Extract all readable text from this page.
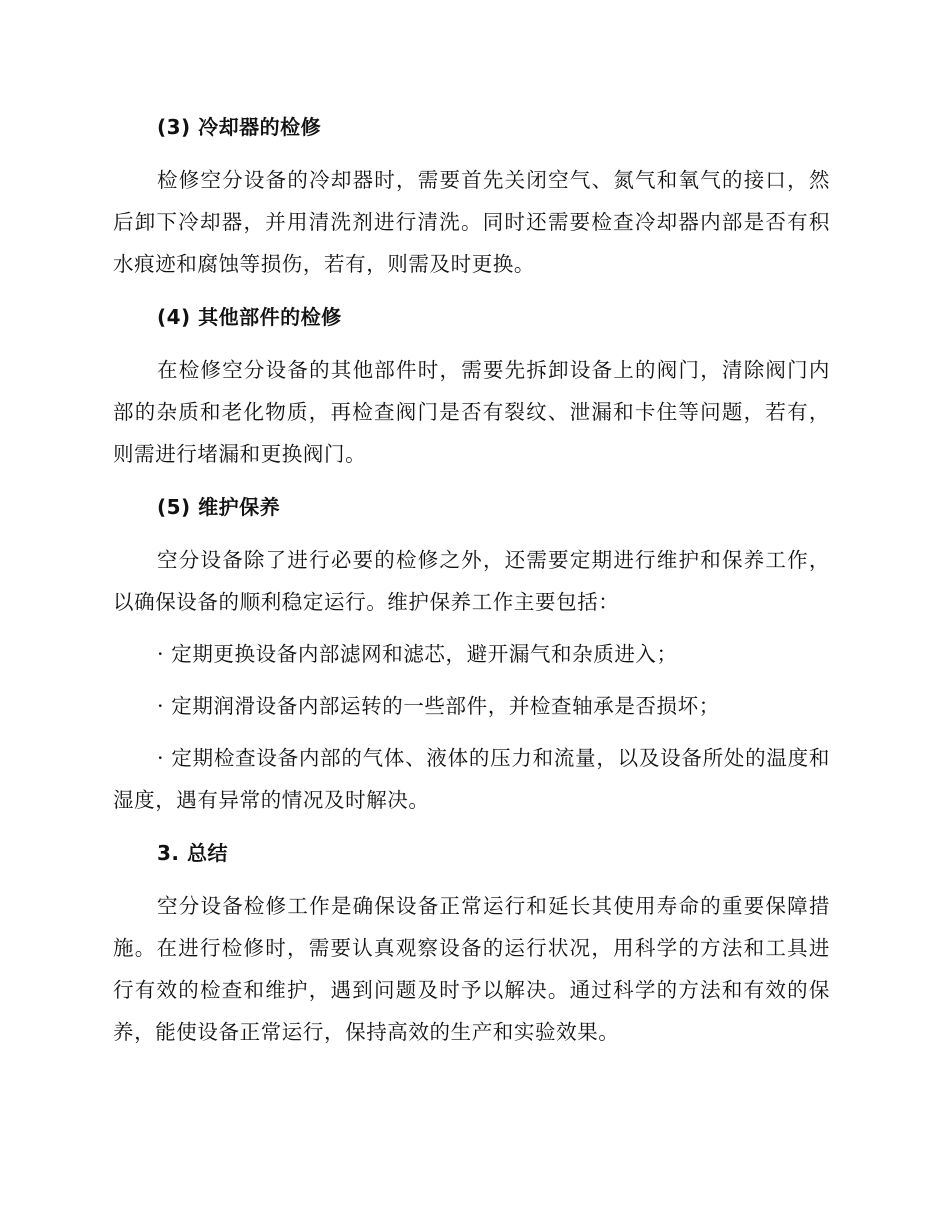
(3) 冷却器的检修

检修空分设备的冷却器时，需要首先关闭空气、氮气和氧气的接口，然后卸下冷却器，并用清洗剂进行清洗。同时还需要检查冷却器内部是否有积水痕迹和腐蚀等损伤，若有，则需及时更换。

(4) 其他部件的检修

在检修空分设备的其他部件时，需要先拆卸设备上的阀门，清除阀门内部的杂质和老化物质，再检查阀门是否有裂纹、泄漏和卡住等问题，若有，则需进行堵漏和更换阀门。

(5) 维护保养

空分设备除了进行必要的检修之外，还需要定期进行维护和保养工作，以确保设备的顺利稳定运行。维护保养工作主要包括：

· 定期更换设备内部滤网和滤芯，避开漏气和杂质进入；

· 定期润滑设备内部运转的一些部件，并检查轴承是否损坏；

· 定期检查设备内部的气体、液体的压力和流量，以及设备所处的温度和湿度，遇有异常的情况及时解决。

3. 总结

空分设备检修工作是确保设备正常运行和延长其使用寿命的重要保障措施。在进行检修时，需要认真观察设备的运行状况，用科学的方法和工具进行有效的检查和维护，遇到问题及时予以解决。通过科学的方法和有效的保养，能使设备正常运行，保持高效的生产和实验效果。
